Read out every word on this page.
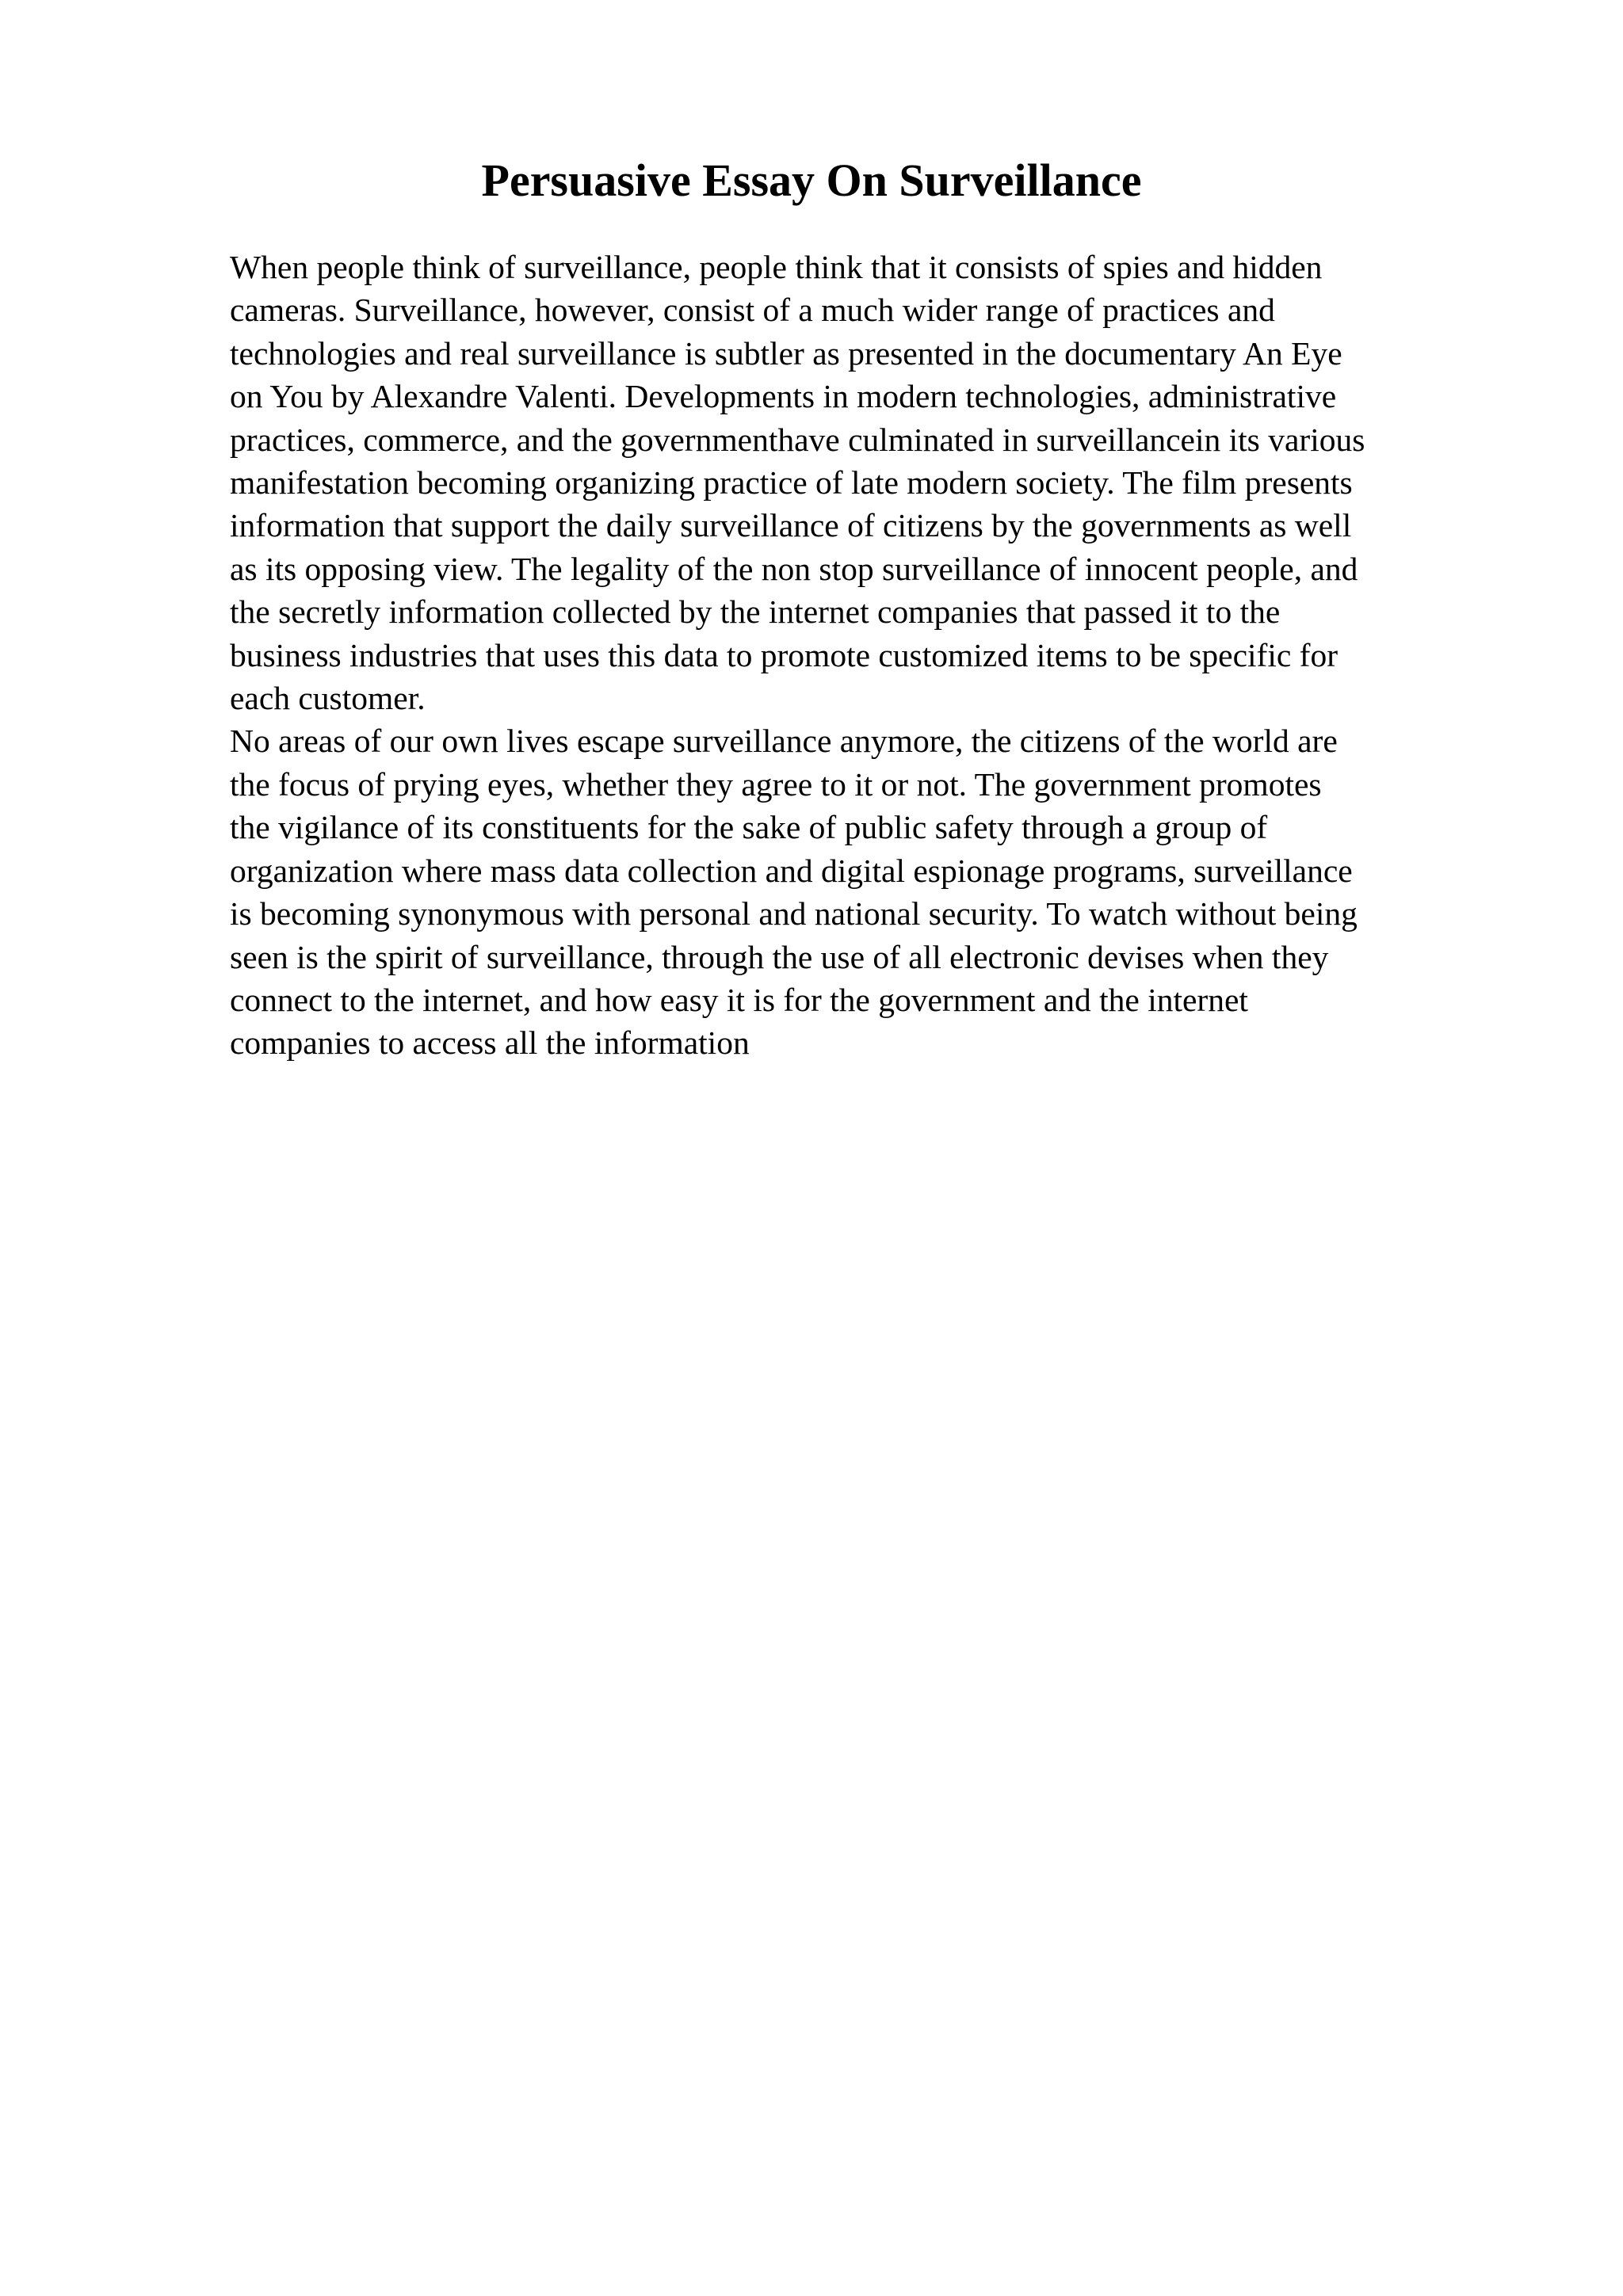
Persuasive Essay On Surveillance
When people think of surveillance, people think that it consists of spies and hidden
cameras. Surveillance, however, consist of a much wider range of practices and
technologies and real surveillance is subtler as presented in the documentary An Eye
on You by Alexandre Valenti. Developments in modern technologies, administrative
practices, commerce, and the governmenthave culminated in surveillancein its various
manifestation becoming organizing practice of late modern society. The film presents
information that support the daily surveillance of citizens by the governments as well
as its opposing view. The legality of the non stop surveillance of innocent people, and
the secretly information collected by the internet companies that passed it to the
business industries that uses this data to promote customized items to be specific for
each customer.
No areas of our own lives escape surveillance anymore, the citizens of the world are
the focus of prying eyes, whether they agree to it or not. The government promotes
the vigilance of its constituents for the sake of public safety through a group of
organization where mass data collection and digital espionage programs, surveillance
is becoming synonymous with personal and national security. To watch without being
seen is the spirit of surveillance, through the use of all electronic devises when they
connect to the internet, and how easy it is for the government and the internet
companies to access all the information
